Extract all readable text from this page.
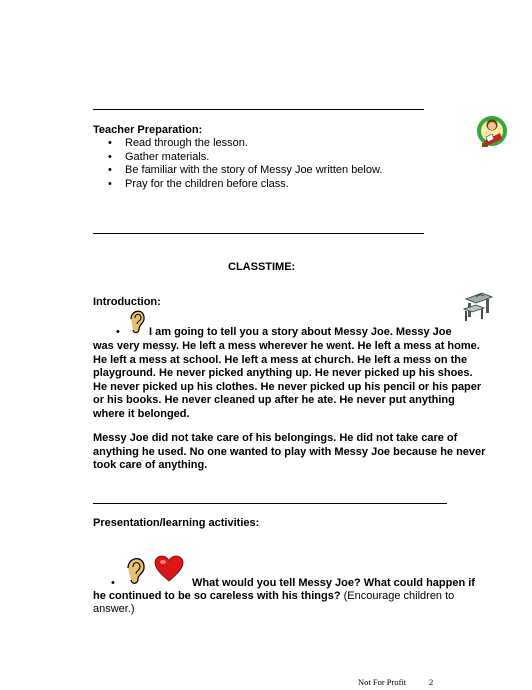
Teacher Preparation:
• Read through the lesson.
• Gather materials.
• Be familiar with the story of Messy Joe written below.
• Pray for the children before class.
CLASSTIME:
Introduction:
•	I am going to tell you a story about Messy Joe. Messy Joe
was very messy. He left a mess wherever he went. He left a mess at home.
He left a mess at school. He left a mess at church. He left a mess on the
playground. He never picked anything up. He never picked up his shoes.
He never picked up his clothes. He never picked up his pencil or his paper
or his books. He never cleaned up after he ate. He never put anything
where it belonged.
Messy Joe did not take care of his belongings. He did not take care of
anything he used. No one wanted to play with Messy Joe because he never
took care of anything.
Presentation/learning activities:
•	What would you tell Messy Joe? What could happen if
he continued to be so careless with his things? (Encourage children to
answer.)
Not For Profit	2
